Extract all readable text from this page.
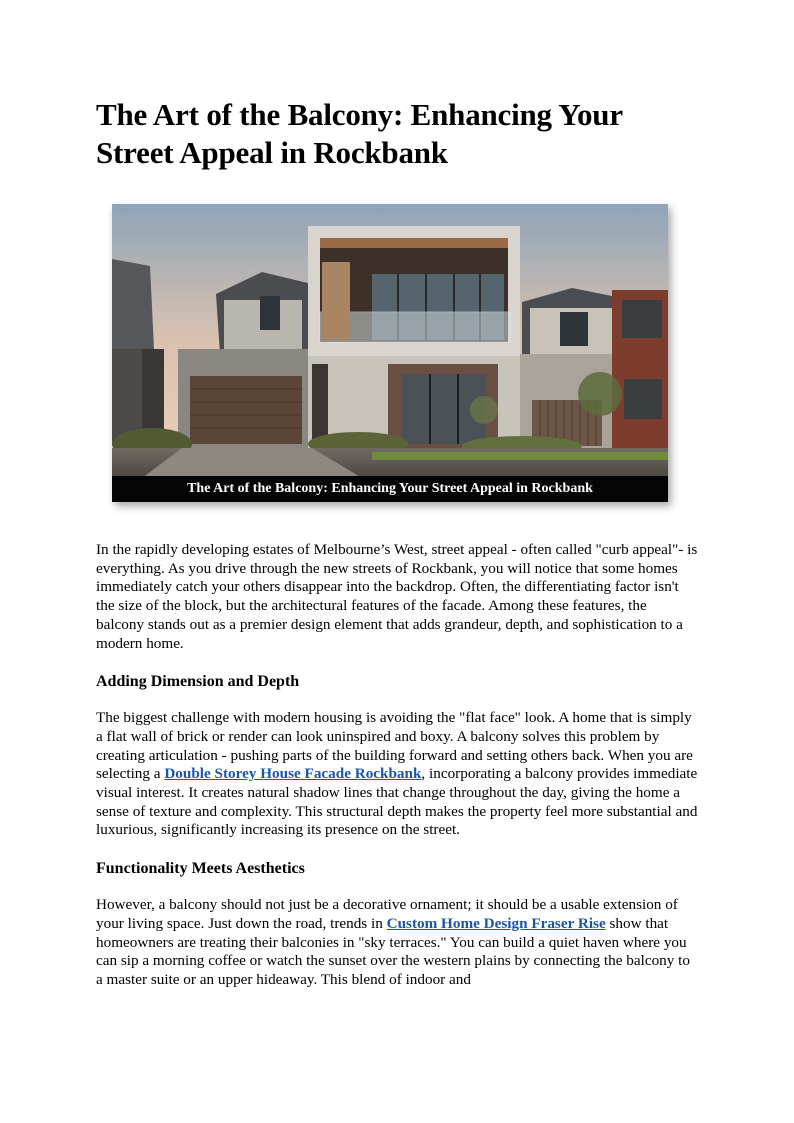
The Art of the Balcony: Enhancing Your Street Appeal in Rockbank
The Art of the Balcony: Enhancing Your Street Appeal in Rockbank

In the rapidly developing estates of Melbourne’s West, street appeal - often called "curb appeal"- is everything. As you drive through the new streets of Rockbank, you will notice that some homes immediately catch your others disappear into the backdrop. Often, the differentiating factor isn't the size of the block, but the architectural features of the facade. Among these features, the balcony stands out as a premier design element that adds grandeur, depth, and sophistication to a modern home.

Adding Dimension and Depth

The biggest challenge with modern housing is avoiding the "flat face" look. A home that is simply a flat wall of brick or render can look uninspired and boxy. A balcony solves this problem by creating articulation - pushing parts of the building forward and setting others back. When you are selecting a Double Storey House Facade Rockbank, incorporating a balcony provides immediate visual interest. It creates natural shadow lines that change throughout the day, giving the home a sense of texture and complexity. This structural depth makes the property feel more substantial and luxurious, significantly increasing its presence on the street.

Functionality Meets Aesthetics

However, a balcony should not just be a decorative ornament; it should be a usable extension of your living space. Just down the road, trends in Custom Home Design Fraser Rise show that homeowners are treating their balconies in "sky terraces." You can build a quiet haven where you can sip a morning coffee or watch the sunset over the western plains by connecting the balcony to a master suite or an upper hideaway. This blend of indoor and
